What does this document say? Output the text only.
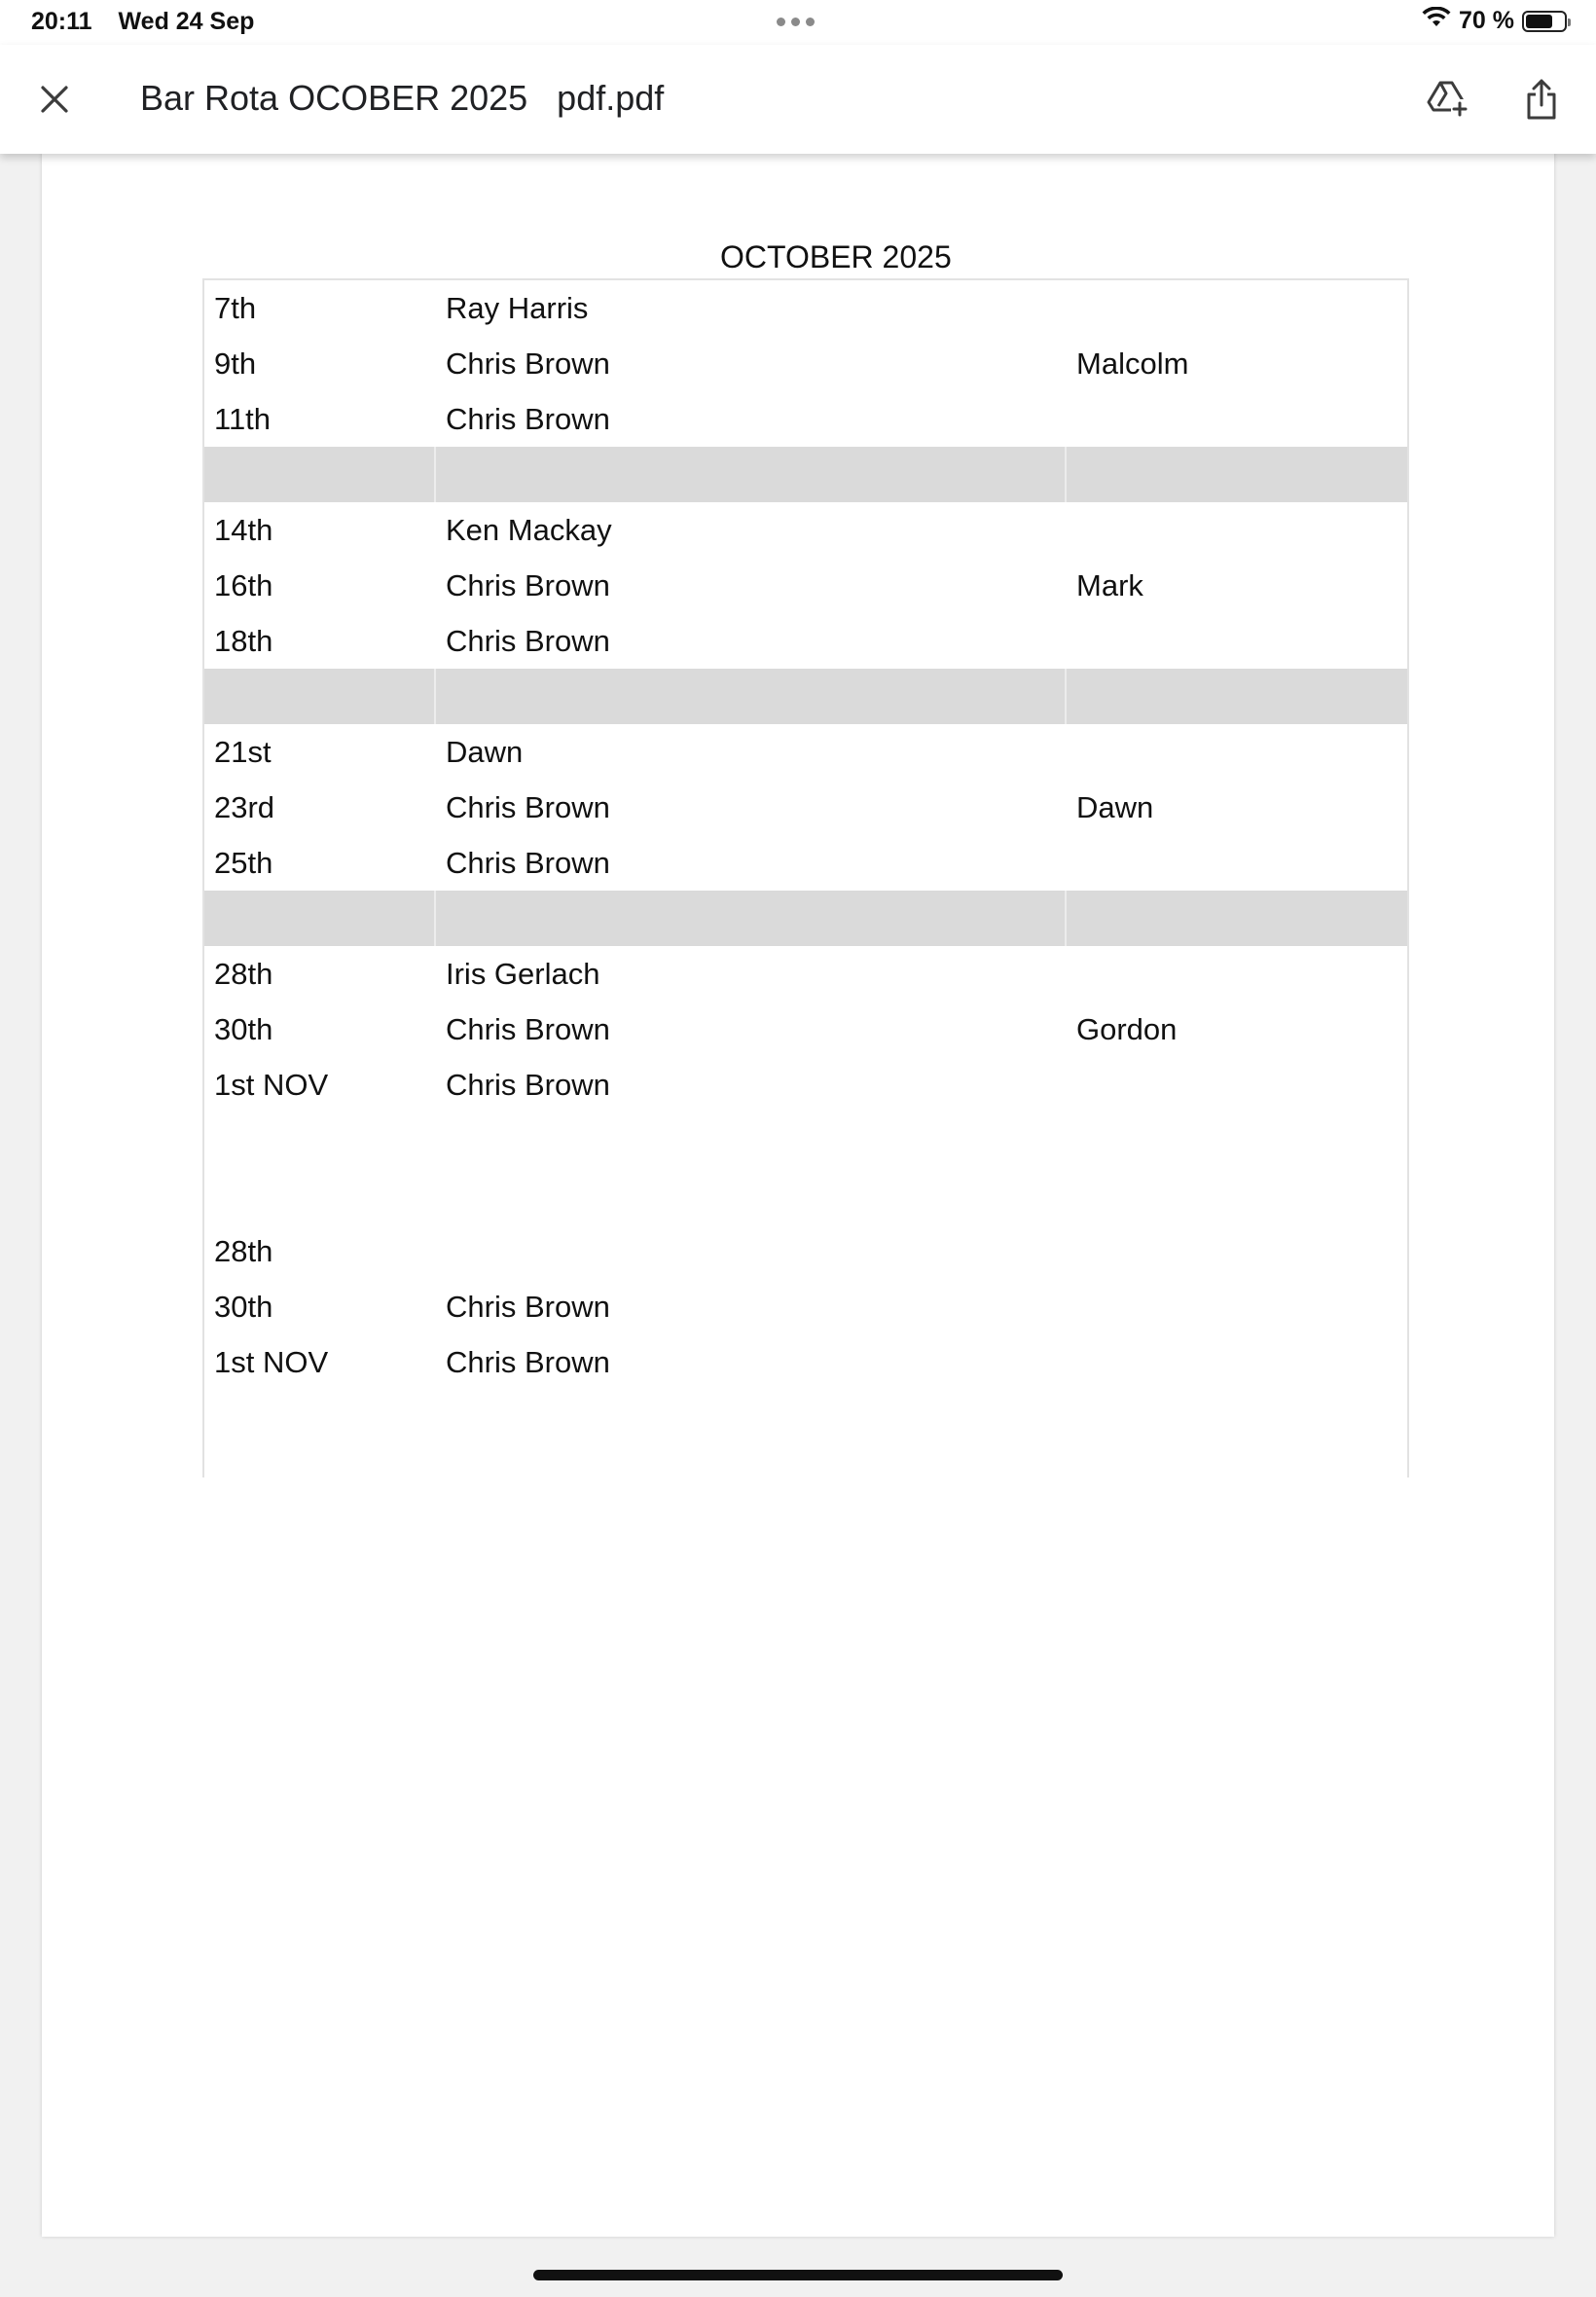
20:11 Wed 24 Sep	70 %
Bar Rota OCOBER 2025   pdf.pdf
OCTOBER 2025
7th	Ray Harris
9th	Chris Brown	Malcolm
11th	Chris Brown
14th	Ken Mackay
16th	Chris Brown	Mark
18th	Chris Brown
21st	Dawn
23rd	Chris Brown	Dawn
25th	Chris Brown
28th	Iris Gerlach
30th	Chris Brown	Gordon
1st NOV	Chris Brown
28th
30th	Chris Brown
1st NOV	Chris Brown
